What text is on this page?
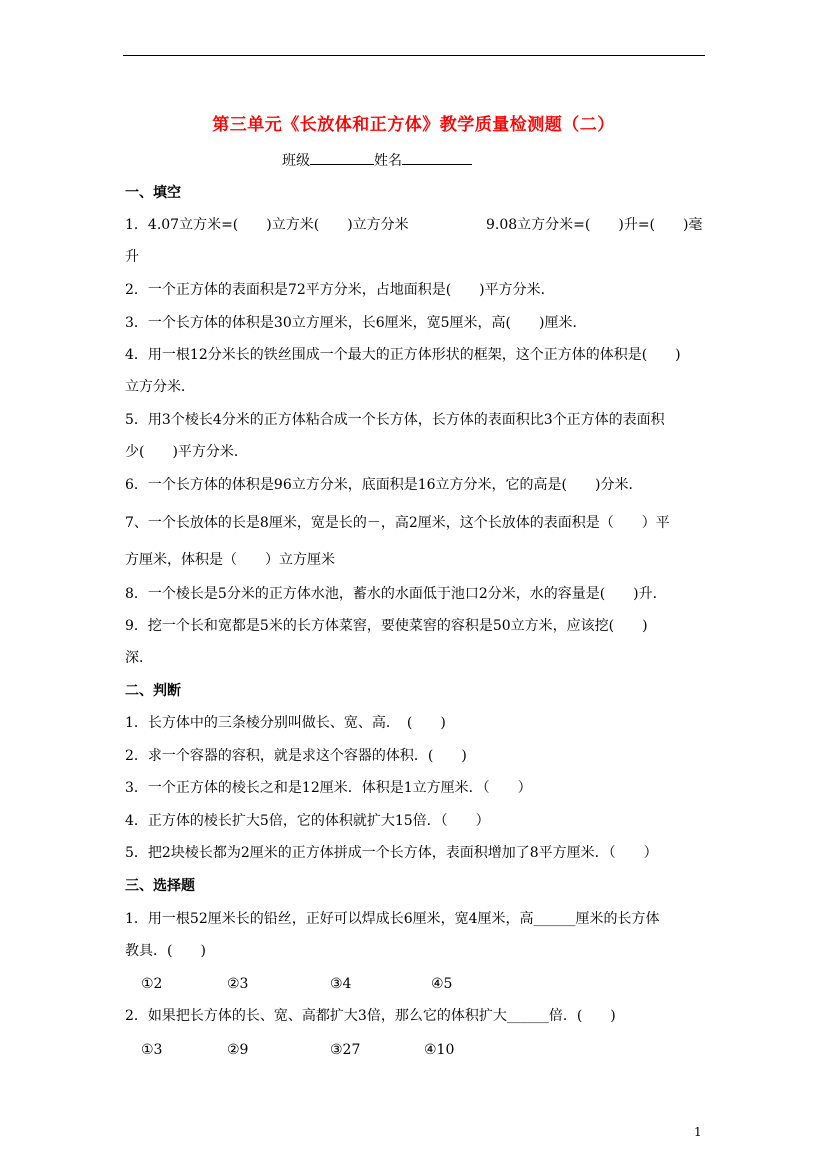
第三单元《长放体和正方体》教学质量检测题（二）
班级	姓名
一、填空
1．4.07立方米=(　　)立方米(　　)立方分米	9.08立方分米=(　　)升=(　　)毫
升
2．一个正方体的表面积是72平方分米，占地面积是(　　)平方分米．
3．一个长方体的体积是30立方厘米，长6厘米，宽5厘米，高(　　)厘米．
4．用一根12分米长的铁丝围成一个最大的正方体形状的框架，这个正方体的体积是(　　)
立方分米．
5．用3个棱长4分米的正方体粘合成一个长方体，长方体的表面积比3个正方体的表面积
少(　　)平方分米．
6．一个长方体的体积是96立方分米，底面积是16立方分米，它的高是(　　)分米．
7、一个长放体的长是8厘米，宽是长的－，高2厘米，这个长放体的表面积是（　　）平
方厘米，体积是（　　）立方厘米
8．一个棱长是5分米的正方体水池，蓄水的水面低于池口2分米，水的容量是(　　)升．
9．挖一个长和宽都是5米的长方体菜窖，要使菜窖的容积是50立方米，应该挖(　　)
深．
二、判断
1．长方体中的三条棱分别叫做长、宽、高．　(　　)
2．求一个容器的容积，就是求这个容器的体积．(　　)
3．一个正方体的棱长之和是12厘米．体积是1立方厘米．（　　）
4．正方体的棱长扩大5倍，它的体积就扩大15倍．（　　）
5．把2块棱长都为2厘米的正方体拼成一个长方体，表面积增加了8平方厘米．（　　）
三、选择题
1．用一根52厘米长的铅丝，正好可以焊成长6厘米，宽4厘米，高______厘米的长方体
教具．(　　)
①2	②3	③4	④5
2．如果把长方体的长、宽、高都扩大3倍，那么它的体积扩大______倍．(　　)
①3	②9	③27	④10
1
